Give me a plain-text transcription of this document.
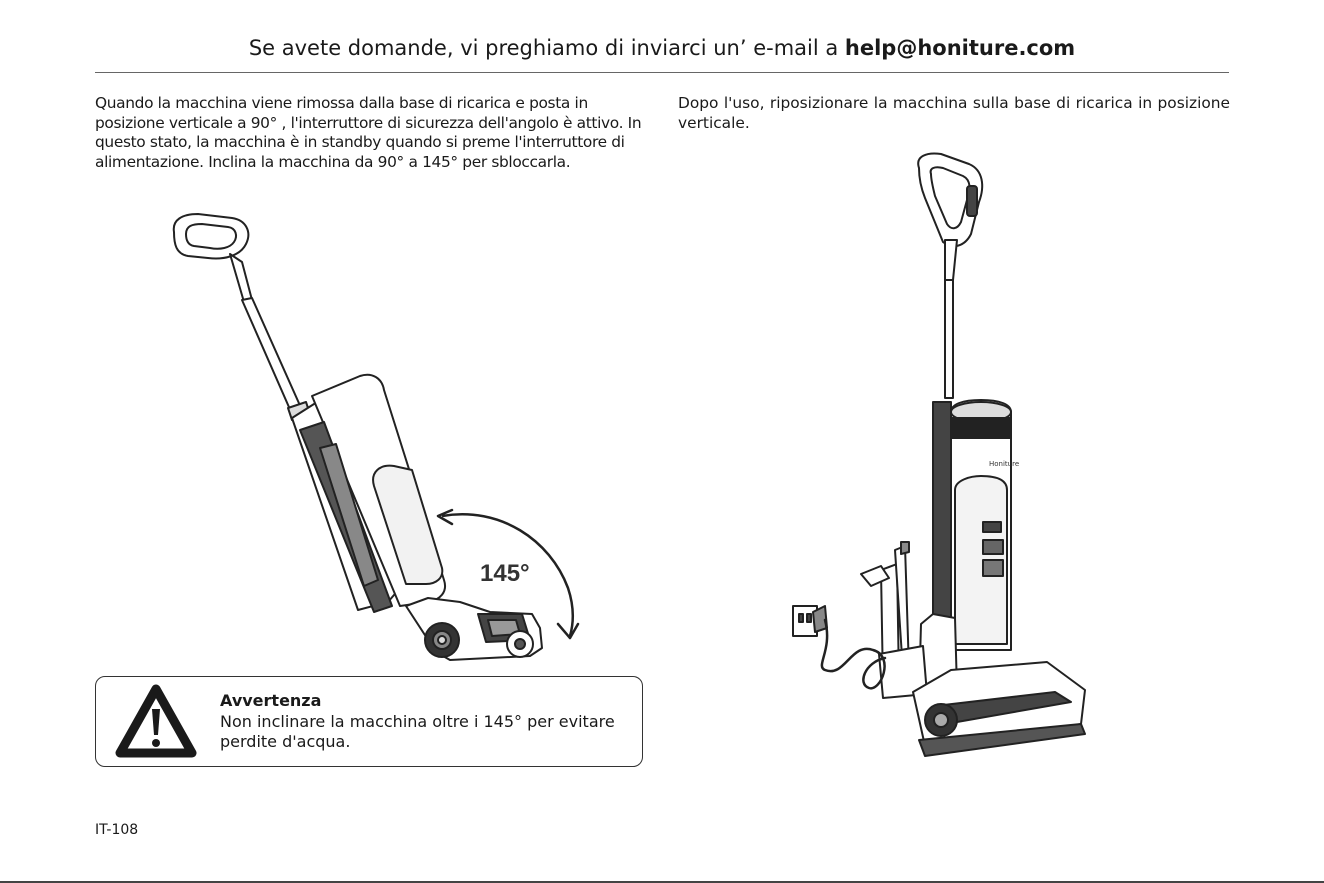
Se avete domande, vi preghiamo di inviarci un’ e-mail a help@honiture.com

Quando la macchina viene rimossa dalla base di ricarica e posta in posizione verticale a 90° , l'interruttore di sicurezza dell'angolo è attivo. In questo stato, la macchina è in standby quando si preme l'interruttore di alimentazione. Inclina la macchina da 90° a 145° per sbloccarla.

Dopo l'uso, riposizionare la macchina sulla base di ricarica in posizione verticale.

145°
Honiture
Avvertenza
Non inclinare la macchina oltre i 145° per evitare perdite d'acqua.
IT-108
